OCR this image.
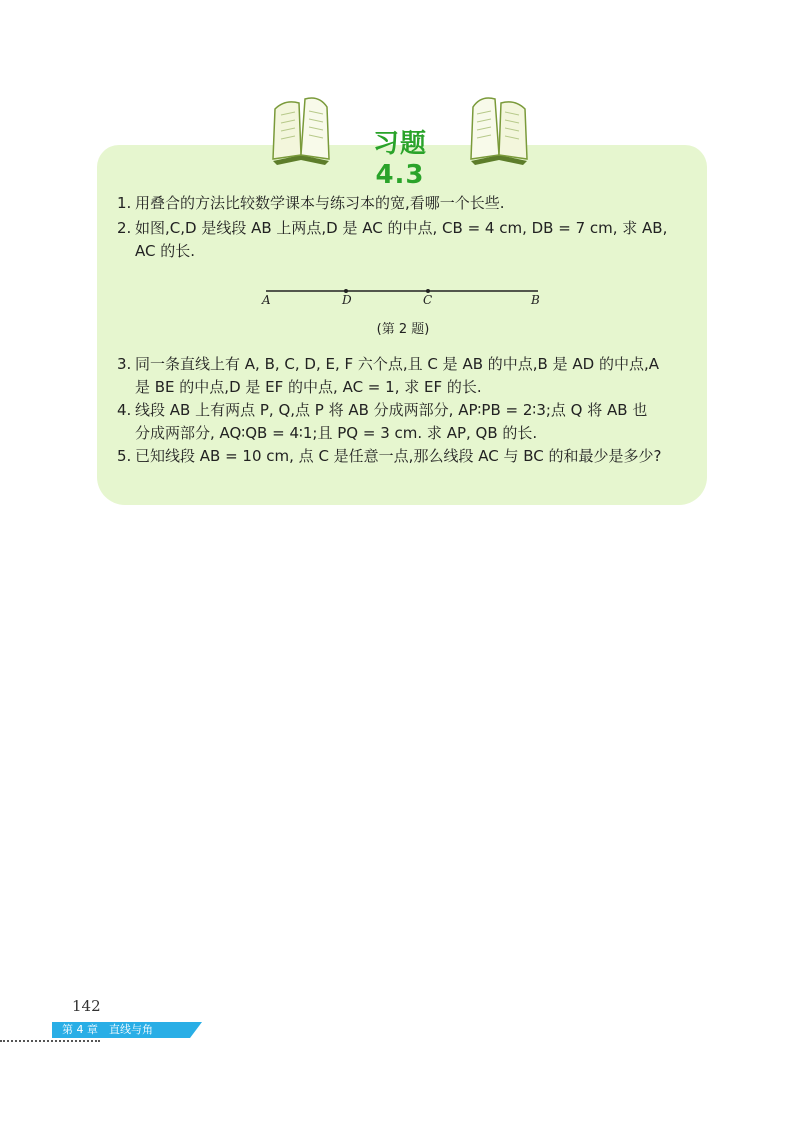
习题 4.3
1. 用叠合的方法比较数学课本与练习本的宽,看哪一个长些.
2. 如图,C,D 是线段 AB 上两点,D 是 AC 的中点, CB = 4 cm, DB = 7 cm, 求 AB,
AC 的长.
3. 同一条直线上有 A, B, C, D, E, F 六个点,且 C 是 AB 的中点,B 是 AD 的中点,A
是 BE 的中点,D 是 EF 的中点, AC = 1, 求 EF 的长.
4. 线段 AB 上有两点 P, Q,点 P 将 AB 分成两部分, AP∶PB = 2∶3;点 Q 将 AB 也
分成两部分, AQ∶QB = 4∶1;且 PQ = 3 cm. 求 AP, QB 的长.
5. 已知线段 AB = 10 cm, 点 C 是任意一点,那么线段 AC 与 BC 的和最少是多少?
A	D	C	B
(第 2 题)
142
第 4 章　直线与角
